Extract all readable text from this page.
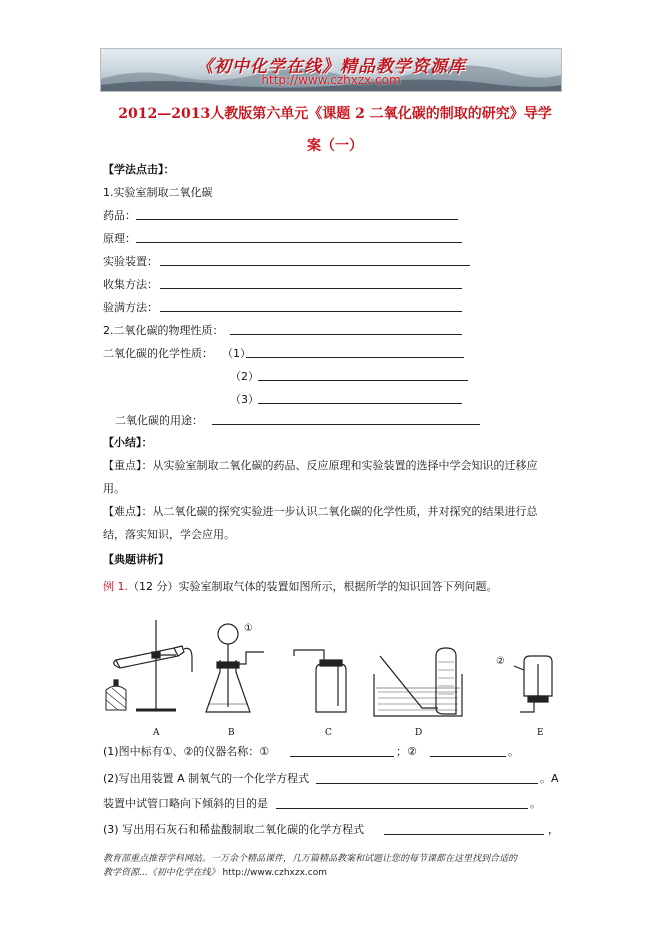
《初中化学在线》精品教学资源库
http://www.czhxzx.com
2012—2013人教版第六单元《课题 2 二氧化碳的制取的研究》导学
案（一）
【学法点击】：
1.实验室制取二氧化碳
药品：
原理：
实验装置：
收集方法：
验满方法：
2.二氧化碳的物理性质：
二氧化碳的化学性质： （1）
（2）
（3）
二氧化碳的用途：
【小结】：
【重点】：从实验室制取二氧化碳的药品、反应原理和实验装置的选择中学会知识的迁移应
用。
【难点】：从二氧化碳的探究实验进一步认识二氧化碳的化学性质，并对探究的结果进行总
结，落实知识，学会应用。
【典题讲析】
例 1.（12 分）实验室制取气体的装置如图所示，根据所学的知识回答下列问题。
①
②
A	B	C	D	E
(1)图中标有①、②的仪器名称：①	；②	。
(2)写出用装置 A 制氧气的一个化学方程式	。A
装置中试管口略向下倾斜的目的是	。
(3) 写出用石灰石和稀盐酸制取二氧化碳的化学方程式	，
教育部重点推荐学科网站。一万余个精品课件，几万篇精品教案和试题让您的每节课都在这里找到合适的
教学资源...《初中化学在线》 http://www.czhxzx.com
